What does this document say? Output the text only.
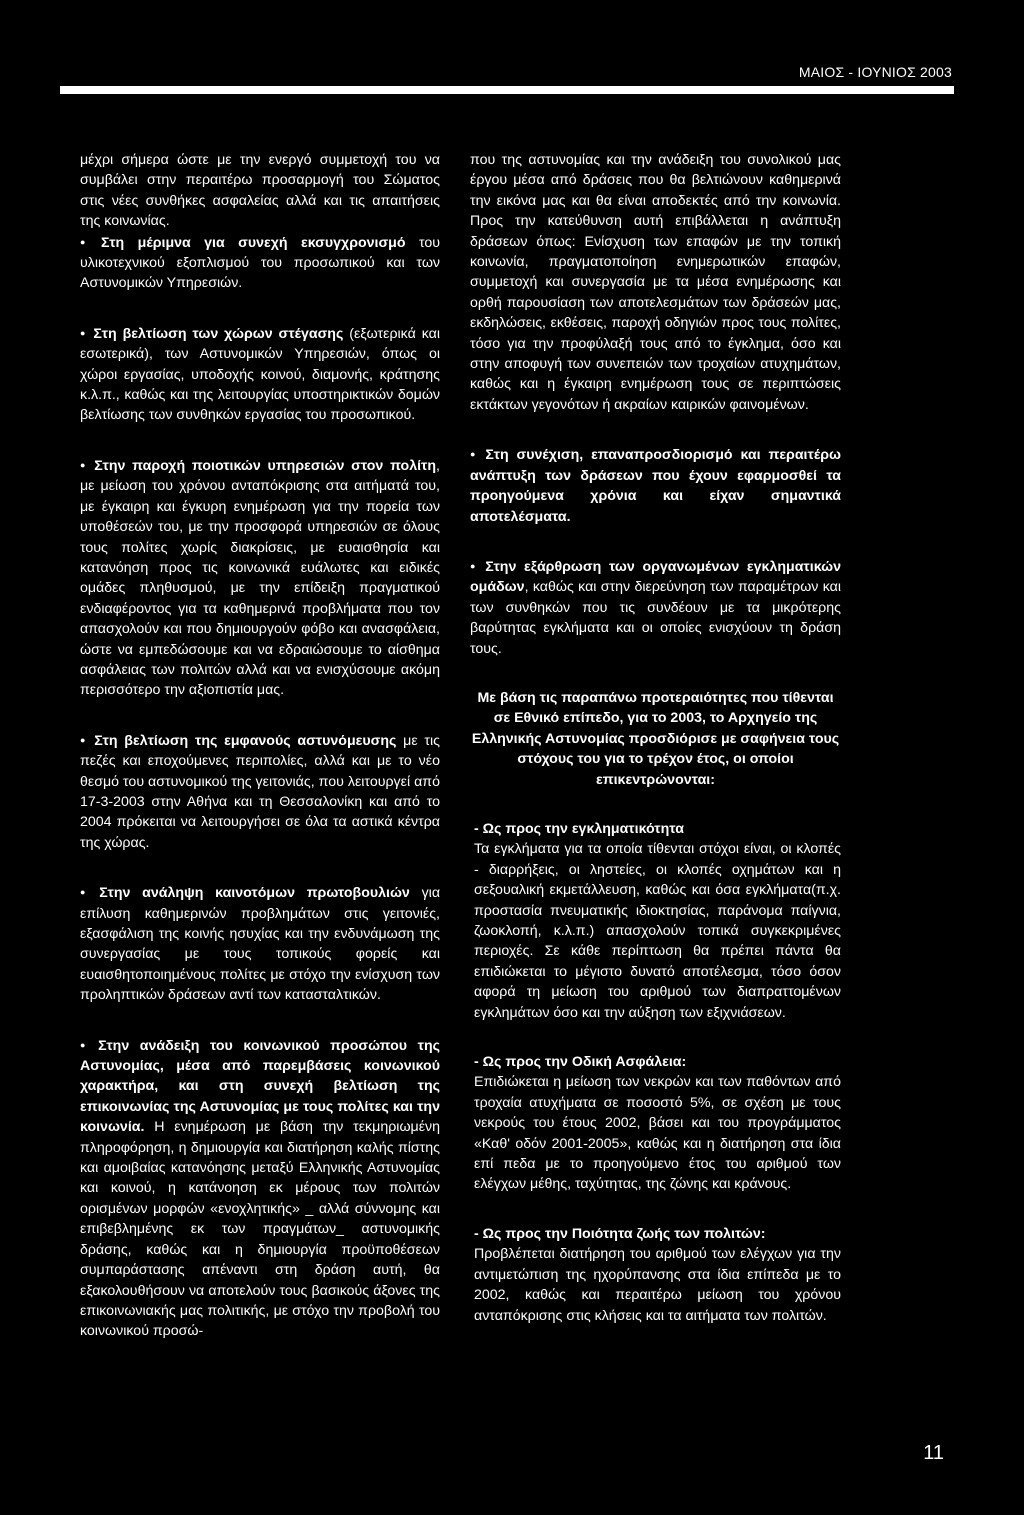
ΜΑΙΟΣ - ΙΟΥΝΙΟΣ 2003

μέχρι σήμερα ώστε με την ενεργό συμμετοχή του να συμβάλει στην περαιτέρω προσαρμογή του Σώματος στις νέες συνθήκες ασφαλείας αλλά και τις απαιτήσεις της κοινωνίας.

● Στη μέριμνα για συνεχή εκσυγχρονισμό του υλικοτεχνικού εξοπλισμού του προσωπικού και των Αστυνομικών Υπηρεσιών.

● Στη βελτίωση των χώρων στέγασης (εξωτερικά και εσωτερικά), των Αστυνομικών Υπηρεσιών, όπως οι χώροι εργασίας, υποδοχής κοινού, διαμονής, κράτησης κ.λ.π., καθώς και της λειτουργίας υποστηρικτικών δομών βελτίωσης των συνθηκών εργασίας του προσωπικού.

● Στην παροχή ποιοτικών υπηρεσιών στον πολίτη, με μείωση του χρόνου ανταπόκρισης στα αιτήματά του, με έγκαιρη και έγκυρη ενημέρωση για την πορεία των υποθέσεών του, με την προσφορά υπηρεσιών σε όλους τους πολίτες χωρίς διακρίσεις, με ευαισθησία και κατανόηση προς τις κοινωνικά ευάλωτες και ειδικές ομάδες πληθυσμού, με την επίδειξη πραγματικού ενδιαφέροντος για τα καθημερινά προβλήματα που τον απασχολούν και που δημιουργούν φόβο και ανασφάλεια, ώστε να εμπεδώσουμε και να εδραιώσουμε το αίσθημα ασφάλειας των πολιτών αλλά και να ενισχύσουμε ακόμη περισσότερο την αξιοπιστία μας.

● Στη βελτίωση της εμφανούς αστυνόμευσης με τις πεζές και εποχούμενες περιπολίες, αλλά και με το νέο θεσμό του αστυνομικού της γειτονιάς, που λειτουργεί από 17-3-2003 στην Αθήνα και τη Θεσσαλονίκη και από το 2004 πρόκειται να λειτουργήσει σε όλα τα αστικά κέντρα της χώρας.

● Στην ανάληψη καινοτόμων πρωτοβουλιών για επίλυση καθημερινών προβλημάτων στις γειτονιές, εξασφάλιση της κοινής ησυχίας και την ενδυνάμωση της συνεργασίας με τους τοπικούς φορείς και ευαισθητοποιημένους πολίτες με στόχο την ενίσχυση των προληπτικών δράσεων αντί των κατασταλτικών.

● Στην ανάδειξη του κοινωνικού προσώπου της Αστυνομίας, μέσα από παρεμβάσεις κοινωνικού χαρακτήρα, και στη συνεχή βελτίωση της επικοινωνίας της Αστυνομίας με τους πολίτες και την κοινωνία. Η ενημέρωση με βάση την τεκμηριωμένη πληροφόρηση, η δημιουργία και διατήρηση καλής πίστης και αμοιβαίας κατανόησης μεταξύ Ελληνικής Αστυνομίας και κοινού, η κατάνοηση εκ μέρους των πολιτών ορισμένων μορφών «ενοχλητικής» _ αλλά σύννομης και επιβεβλημένης εκ των πραγμάτων_ αστυνομικής δράσης, καθώς και η δημιουργία προϋποθέσεων συμπαράστασης απέναντι στη δράση αυτή, θα εξακολουθήσουν να αποτελούν τους βασικούς άξονες της επικοινωνιακής μας πολιτικής, με στόχο την προβολή του κοινωνικού προσώ-

που της αστυνομίας και την ανάδειξη του συνολικού μας έργου μέσα από δράσεις που θα βελτιώνουν καθημερινά την εικόνα μας και θα είναι αποδεκτές από την κοινωνία. Προς την κατεύθυνση αυτή επιβάλλεται η ανάπτυξη δράσεων όπως: Ενίσχυση των επαφών με την τοπική κοινωνία, πραγματοποίηση ενημερωτικών επαφών, συμμετοχή και συνεργασία με τα μέσα ενημέρωσης και ορθή παρουσίαση των αποτελεσμάτων των δράσεών μας, εκδηλώσεις, εκθέσεις, παροχή οδηγιών προς τους πολίτες, τόσο για την προφύλαξή τους από το έγκλημα, όσο και στην αποφυγή των συνεπειών των τροχαίων ατυχημάτων, καθώς και η έγκαιρη ενημέρωση τους σε περιπτώσεις εκτάκτων γεγονότων ή ακραίων καιρικών φαινομένων.

● Στη συνέχιση, επαναπροσδιορισμό και περαιτέρω ανάπτυξη των δράσεων που έχουν εφαρμοσθεί τα προηγούμενα χρόνια και είχαν σημαντικά αποτελέσματα.

● Στην εξάρθρωση των οργανωμένων εγκληματικών ομάδων, καθώς και στην διερεύνηση των παραμέτρων και των συνθηκών που τις συνδέουν με τα μικρότερης βαρύτητας εγκλήματα και οι οποίες ενισχύουν τη δράση τους.

Με βάση τις παραπάνω προτεραιότητες που τίθενται σε Εθνικό επίπεδο, για το 2003, το Αρχηγείο της Ελληνικής Αστυνομίας προσδιόρισε με σαφήνεια τους στόχους του για το τρέχον έτος, οι οποίοι επικεντρώνονται:

- Ως προς την εγκληματικότητα

Τα εγκλήματα για τα οποία τίθενται στόχοι είναι, οι κλοπές - διαρρήξεις, οι ληστείες, οι κλοπές οχημάτων και η σεξουαλική εκμετάλλευση, καθώς και όσα εγκλήματα(π.χ. προστασία πνευματικής ιδιοκτησίας, παράνομα παίγνια, ζωοκλοπή, κ.λ.π.) απασχολούν τοπικά συγκεκριμένες περιοχές. Σε κάθε περίπτωση θα πρέπει πάντα θα επιδιώκεται το μέγιστο δυνατό αποτέλεσμα, τόσο όσον αφορά τη μείωση του αριθμού των διαπραττομένων εγκλημάτων όσο και την αύξηση των εξιχνιάσεων.

- Ως προς την Οδική Ασφάλεια:

Επιδιώκεται η μείωση των νεκρών και των παθόντων από τροχαία ατυχήματα σε ποσοστό 5%, σε σχέση με τους νεκρούς του έτους 2002, βάσει και του προγράμματος «Καθ' οδόν 2001-2005», καθώς και η διατήρηση στα ίδια επί πεδα με το προηγούμενο έτος του αριθμού των ελέγχων μέθης, ταχύτητας, της ζώνης και κράνους.

- Ως προς την Ποιότητα ζωής των πολιτών:

Προβλέπεται διατήρηση του αριθμού των ελέγχων για την αντιμετώπιση της ηχορύπανσης στα ίδια επίπεδα με το 2002, καθώς και περαιτέρω μείωση του χρόνου ανταπόκρισης στις κλήσεις και τα αιτήματα των πολιτών.

11
